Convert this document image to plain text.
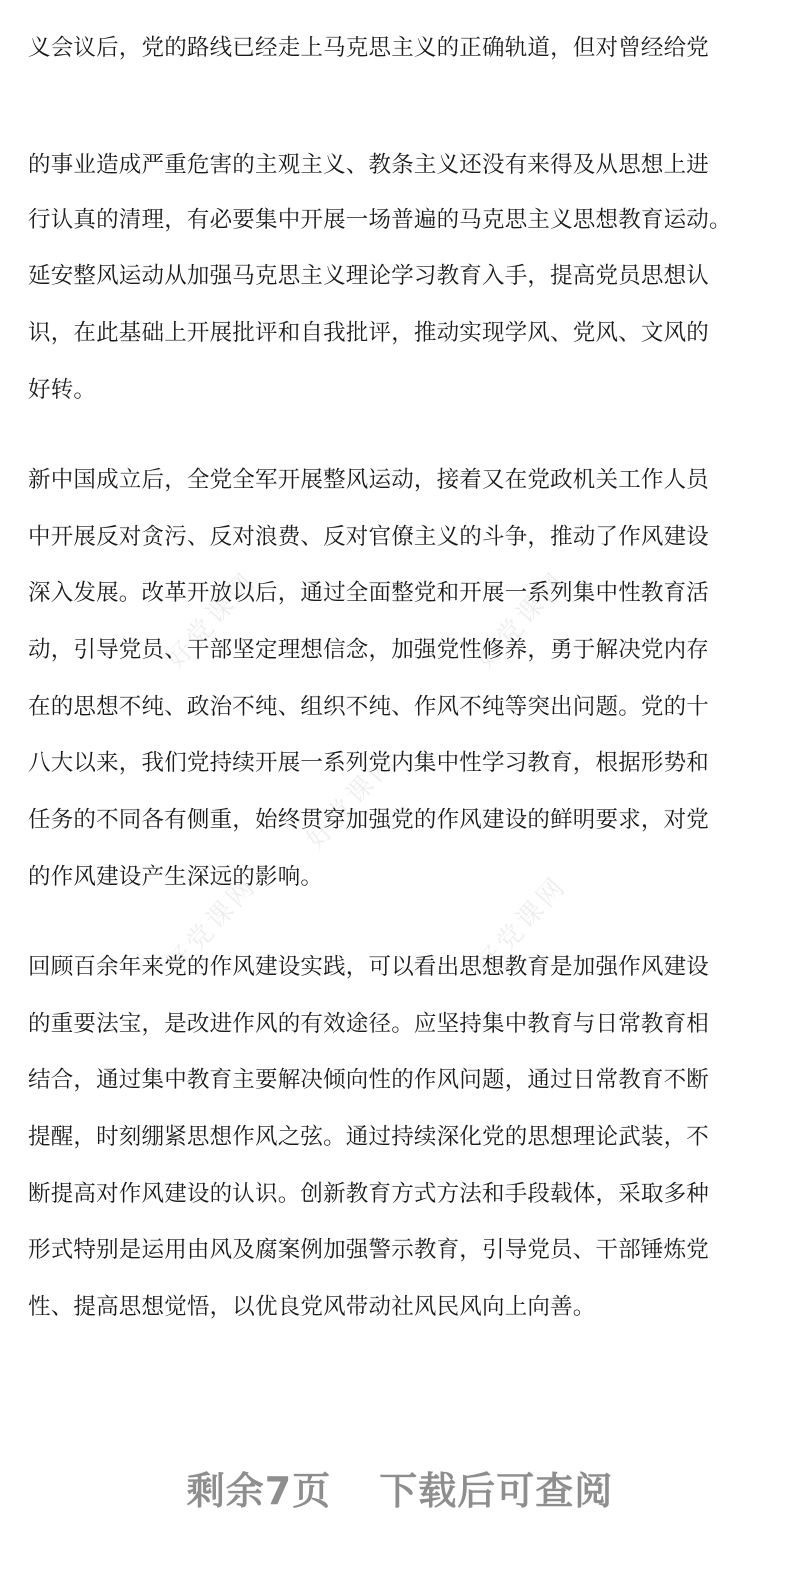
义会议后，党的路线已经走上马克思主义的正确轨道，但对曾经给党
的事业造成严重危害的主观主义、教条主义还没有来得及从思想上进
行认真的清理，有必要集中开展一场普遍的马克思主义思想教育运动。
延安整风运动从加强马克思主义理论学习教育入手，提高党员思想认
识，在此基础上开展批评和自我批评，推动实现学风、党风、文风的
好转。
新中国成立后，全党全军开展整风运动，接着又在党政机关工作人员
中开展反对贪污、反对浪费、反对官僚主义的斗争，推动了作风建设
深入发展。改革开放以后，通过全面整党和开展一系列集中性教育活
动，引导党员、干部坚定理想信念，加强党性修养，勇于解决党内存
在的思想不纯、政治不纯、组织不纯、作风不纯等突出问题。党的十
八大以来，我们党持续开展一系列党内集中性学习教育，根据形势和
任务的不同各有侧重，始终贯穿加强党的作风建设的鲜明要求，对党
的作风建设产生深远的影响。
回顾百余年来党的作风建设实践，可以看出思想教育是加强作风建设
的重要法宝，是改进作风的有效途径。应坚持集中教育与日常教育相
结合，通过集中教育主要解决倾向性的作风问题，通过日常教育不断
提醒，时刻绷紧思想作风之弦。通过持续深化党的思想理论武装，不
断提高对作风建设的认识。创新教育方式方法和手段载体，采取多种
形式特别是运用由风及腐案例加强警示教育，引导党员、干部锤炼党
性、提高思想觉悟，以优良党风带动社风民风向上向善。
好党课网	好党课网
好党课网
好党课网	好党课网
剩余7页 下载后可查阅
